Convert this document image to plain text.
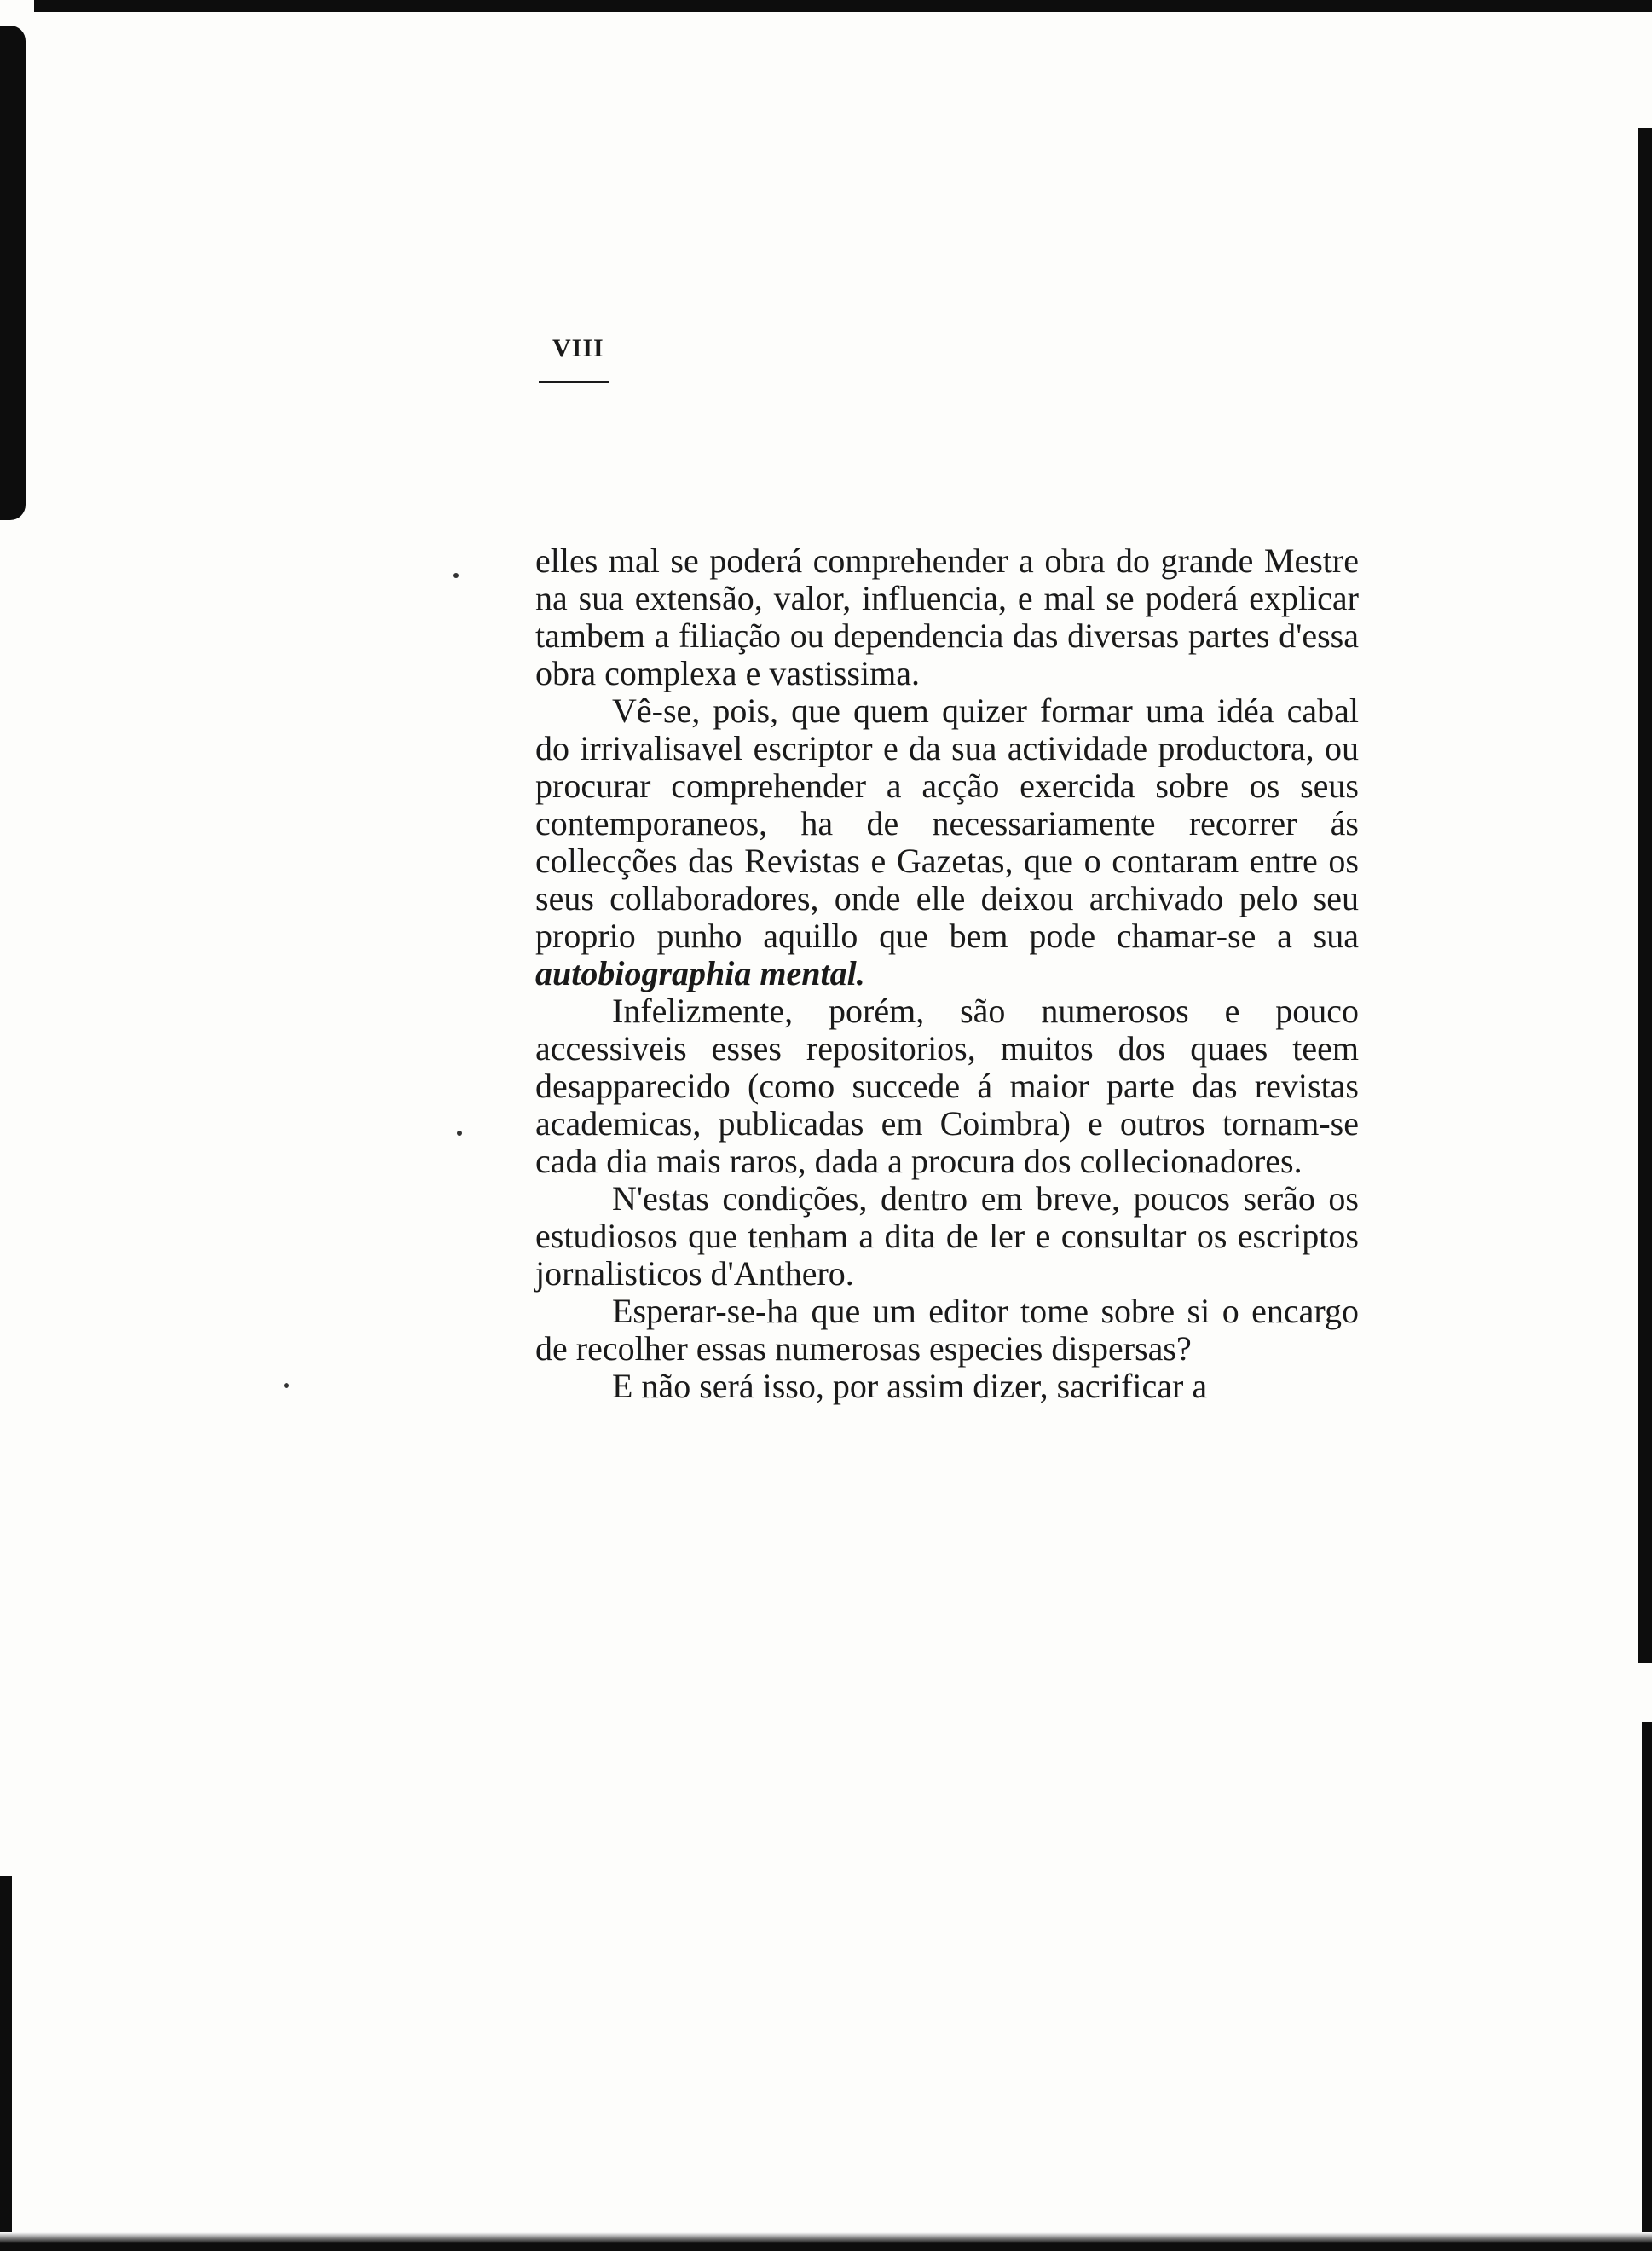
VIII

elles mal se poderá comprehender a obra do grande Mestre na sua extensão, valor, influencia, e mal se poderá explicar tambem a filiação ou dependencia das diversas partes d'essa obra complexa e vastissima.

Vê-se, pois, que quem quizer formar uma idéa cabal do irrivalisavel escriptor e da sua actividade productora, ou procurar comprehender a acção exercida sobre os seus contemporaneos, ha de necessariamente recorrer ás collecções das Revistas e Gazetas, que o contaram entre os seus collaboradores, onde elle deixou archivado pelo seu proprio punho aquillo que bem pode chamar-se a sua autobiographia mental.

Infelizmente, porém, são numerosos e pouco accessiveis esses repositorios, muitos dos quaes teem desapparecido (como succede á maior parte das revistas academicas, publicadas em Coimbra) e outros tornam-se cada dia mais raros, dada a procura dos collecionadores.

N'estas condições, dentro em breve, poucos serão os estudiosos que tenham a dita de ler e consultar os escriptos jornalisticos d'Anthero.

Esperar-se-ha que um editor tome sobre si o encargo de recolher essas numerosas especies dispersas?

E não será isso, por assim dizer, sacrificar a
